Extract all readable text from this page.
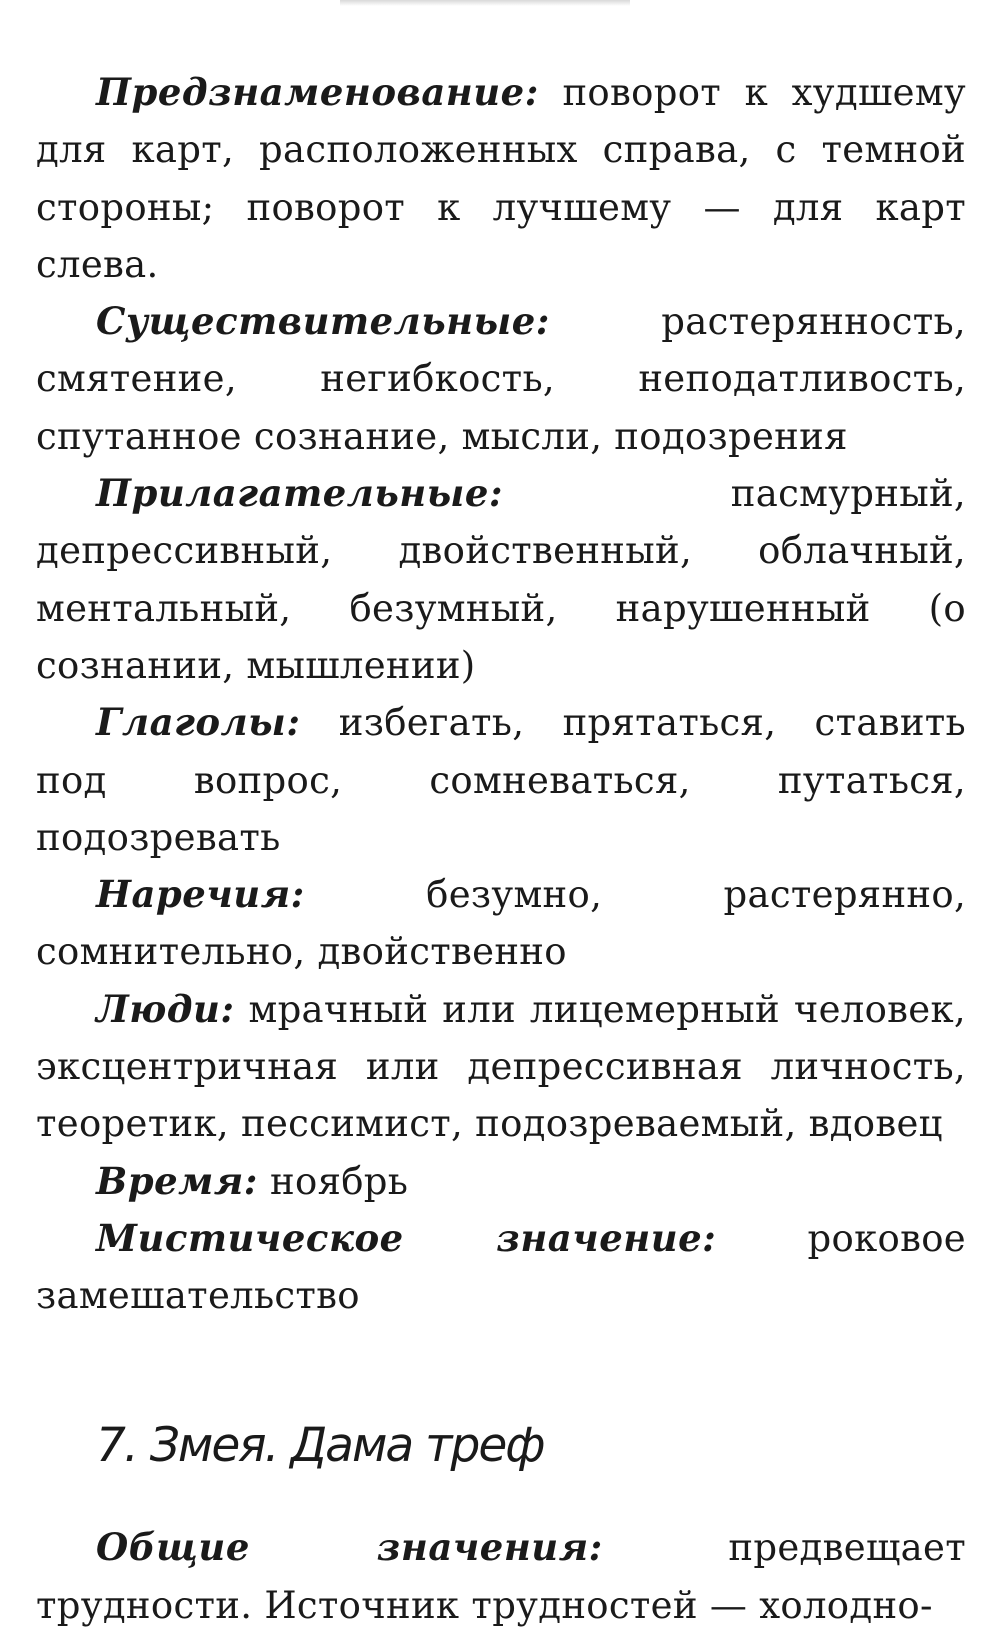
Предзнаменование: поворот к худшему для карт, расположенных справа, с темной стороны; поворот к лучшему — для карт слева.

Существительные: растерянность, смятение, негибкость, неподатливость, спутанное сознание, мысли, подозрения

Прилагательные: пасмурный, депрессивный, двойственный, облачный, ментальный, безумный, нарушенный (о сознании, мышлении)

Глаголы: избегать, прятаться, ставить под вопрос, сомневаться, путаться, подозревать

Наречия: безумно, растерянно, сомнительно, двойственно

Люди: мрачный или лицемерный человек, эксцентричная или депрессивная личность, теоретик, пессимист, подозреваемый, вдовец

Время: ноябрь

Мистическое значение: роковое замешательство

7. Змея. Дама треф

Общие значения: предвещает трудности. Источник трудностей — холодно-
